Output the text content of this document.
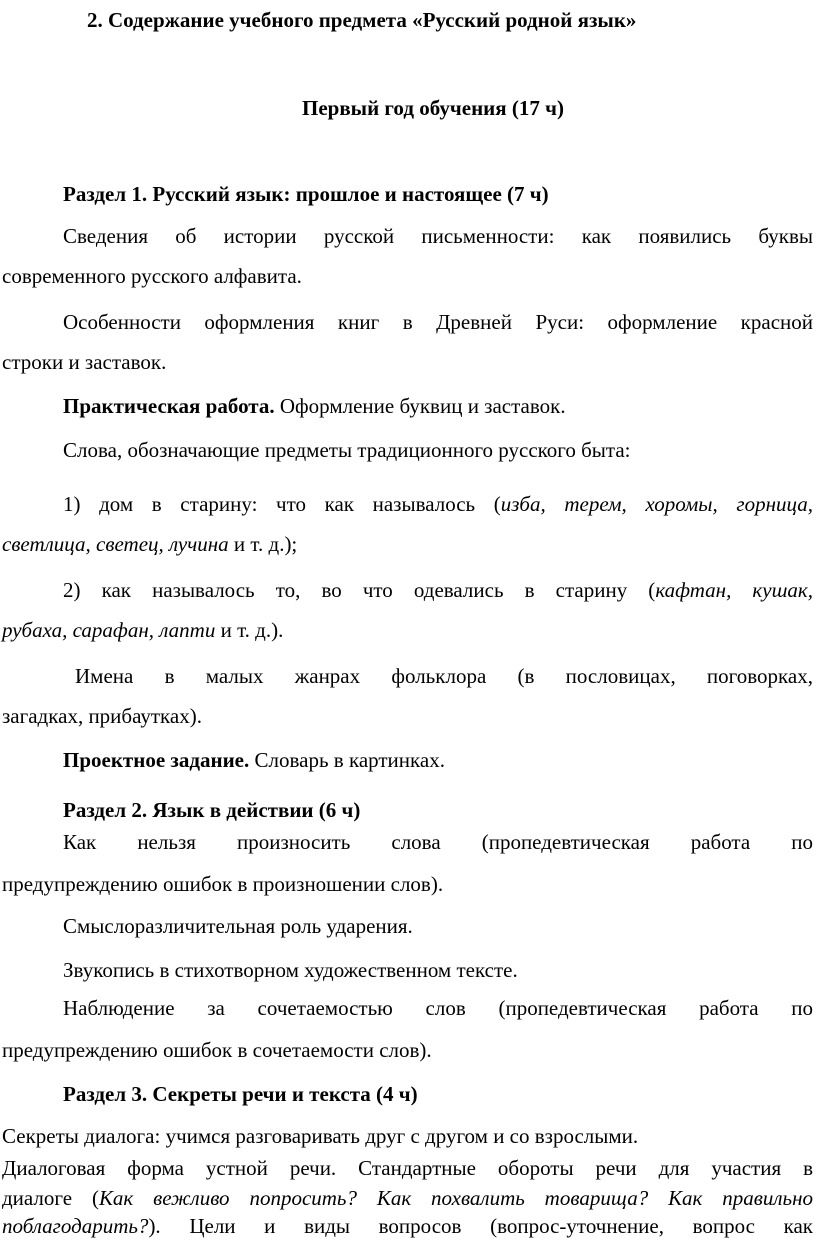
2. Содержание учебного предмета «Русский родной язык»
Первый год обучения (17 ч)
Раздел 1. Русский язык: прошлое и настоящее (7 ч)
Сведения об истории русской письменности: как появились буквы
современного русского алфавита.
Особенности оформления книг в Древней Руси: оформление красной
строки и заставок.
Практическая работа. Оформление буквиц и заставок.
Слова, обозначающие предметы традиционного русского быта:
1) дом в старину: что как называлось (изба, терем, хоромы, горница,
светлица, светец, лучина и т. д.);
2) как называлось то, во что одевались в старину (кафтан, кушак,
рубаха, сарафан, лапти и т. д.).
Имена в малых жанрах фольклора (в пословицах, поговорках,
загадках, прибаутках).
Проектное задание. Словарь в картинках.
Раздел 2. Язык в действии (6 ч)
Как нельзя произносить слова (пропедевтическая работа по
предупреждению ошибок в произношении слов).
Смыслоразличительная роль ударения.
Звукопись в стихотворном художественном тексте.
Наблюдение за сочетаемостью слов (пропедевтическая работа по
предупреждению ошибок в сочетаемости слов).
Раздел 3. Секреты речи и текста (4 ч)
Секреты диалога: учимся разговаривать друг с другом и со взрослыми.
Диалоговая форма устной речи. Стандартные обороты речи для участия в
диалоге (Как вежливо попросить? Как похвалить товарища? Как правильно
поблагодарить?). Цели и виды вопросов (вопрос-уточнение, вопрос как
